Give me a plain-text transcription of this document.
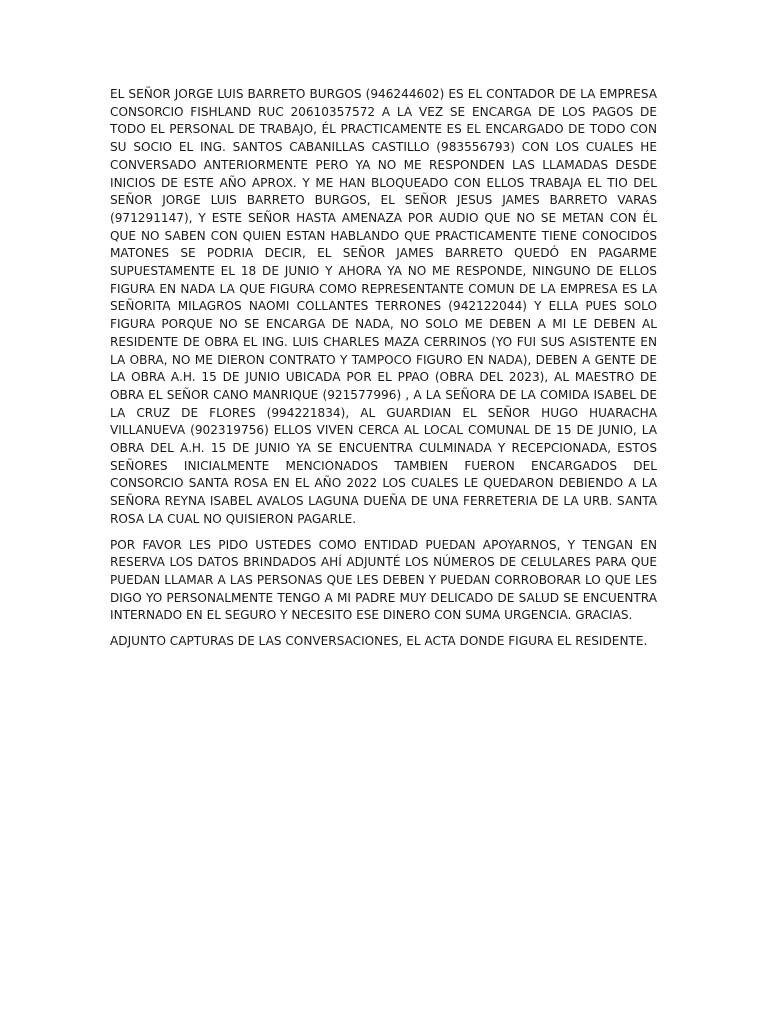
EL SEÑOR JORGE LUIS BARRETO BURGOS (946244602) ES EL CONTADOR DE LA EMPRESA CONSORCIO FISHLAND RUC 20610357572 A LA VEZ SE ENCARGA DE LOS PAGOS DE TODO EL PERSONAL DE TRABAJO, ÉL PRACTICAMENTE ES EL ENCARGADO DE TODO CON SU SOCIO EL ING. SANTOS CABANILLAS CASTILLO (983556793) CON LOS CUALES HE CONVERSADO ANTERIORMENTE PERO YA NO ME RESPONDEN LAS LLAMADAS DESDE INICIOS DE ESTE AÑO APROX. Y ME HAN BLOQUEADO CON ELLOS TRABAJA EL TIO DEL SEÑOR JORGE LUIS BARRETO BURGOS, EL SEÑOR JESUS JAMES BARRETO VARAS (971291147), Y ESTE SEÑOR HASTA AMENAZA POR AUDIO QUE NO SE METAN CON ÉL QUE NO SABEN CON QUIEN ESTAN HABLANDO QUE PRACTICAMENTE TIENE CONOCIDOS MATONES SE PODRIA DECIR, EL SEÑOR JAMES BARRETO QUEDÓ EN PAGARME SUPUESTAMENTE EL 18 DE JUNIO Y AHORA YA NO ME RESPONDE, NINGUNO DE ELLOS FIGURA EN NADA LA QUE FIGURA COMO REPRESENTANTE COMUN DE LA EMPRESA ES LA SEÑORITA MILAGROS NAOMI COLLANTES TERRONES (942122044) Y ELLA PUES SOLO FIGURA PORQUE NO SE ENCARGA DE NADA, NO SOLO ME DEBEN A MI LE DEBEN AL RESIDENTE DE OBRA EL ING. LUIS CHARLES MAZA CERRINOS (YO FUI SUS ASISTENTE EN LA OBRA, NO ME DIERON CONTRATO Y TAMPOCO FIGURO EN NADA), DEBEN A GENTE DE LA OBRA A.H. 15 DE JUNIO UBICADA POR EL PPAO (OBRA DEL 2023), AL MAESTRO DE OBRA EL SEÑOR CANO MANRIQUE (921577996) , A LA SEÑORA DE LA COMIDA ISABEL DE LA CRUZ DE FLORES (994221834), AL GUARDIAN EL SEÑOR HUGO HUARACHA VILLANUEVA (902319756) ELLOS VIVEN CERCA AL LOCAL COMUNAL DE 15 DE JUNIO, LA OBRA DEL A.H. 15 DE JUNIO YA SE ENCUENTRA CULMINADA Y RECEPCIONADA, ESTOS SEÑORES INICIALMENTE MENCIONADOS TAMBIEN FUERON ENCARGADOS DEL CONSORCIO SANTA ROSA EN EL AÑO 2022 LOS CUALES LE QUEDARON DEBIENDO A LA SEÑORA REYNA ISABEL AVALOS LAGUNA DUEÑA DE UNA FERRETERIA DE LA URB. SANTA ROSA LA CUAL NO QUISIERON PAGARLE.

POR FAVOR LES PIDO USTEDES COMO ENTIDAD PUEDAN APOYARNOS, Y TENGAN EN RESERVA LOS DATOS BRINDADOS AHÍ ADJUNTÉ LOS NÚMEROS DE CELULARES PARA QUE PUEDAN LLAMAR A LAS PERSONAS QUE LES DEBEN Y PUEDAN CORROBORAR LO QUE LES DIGO YO PERSONALMENTE TENGO A MI PADRE MUY DELICADO DE SALUD SE ENCUENTRA INTERNADO EN EL SEGURO Y NECESITO ESE DINERO CON SUMA URGENCIA. GRACIAS.

ADJUNTO CAPTURAS DE LAS CONVERSACIONES, EL ACTA DONDE FIGURA EL RESIDENTE.
